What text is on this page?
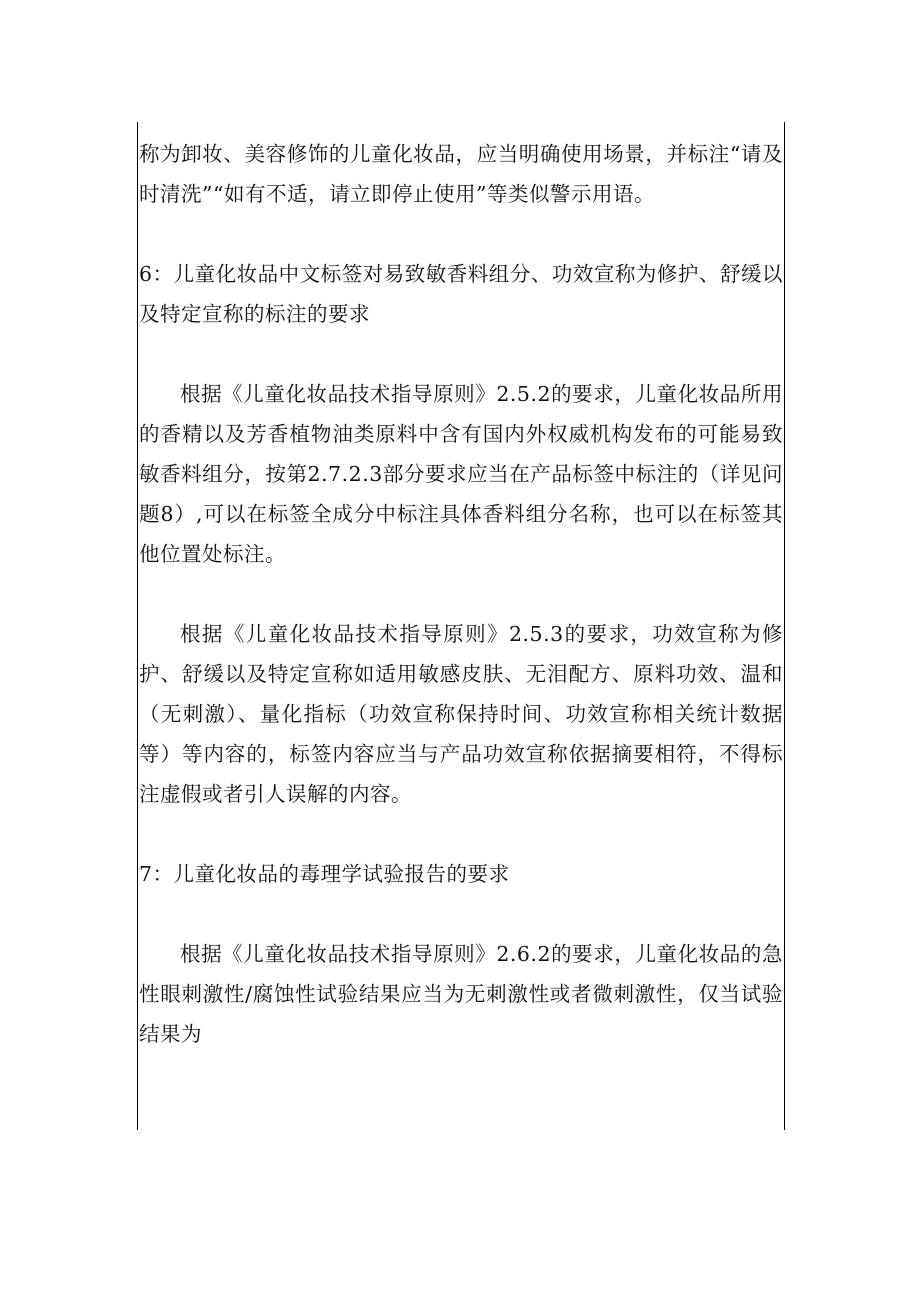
称为卸妆、美容修饰的儿童化妆品，应当明确使用场景，并标注“请及时清洗”“如有不适，请立即停止使用”等类似警示用语。

6：儿童化妆品中文标签对易致敏香料组分、功效宣称为修护、舒缓以及特定宣称的标注的要求

根据《儿童化妆品技术指导原则》2.5.2的要求，儿童化妆品所用的香精以及芳香植物油类原料中含有国内外权威机构发布的可能易致敏香料组分，按第2.7.2.3部分要求应当在产品标签中标注的（详见问题8）,可以在标签全成分中标注具体香料组分名称，也可以在标签其他位置处标注。

根据《儿童化妆品技术指导原则》2.5.3的要求，功效宣称为修护、舒缓以及特定宣称如适用敏感皮肤、无泪配方、原料功效、温和（无刺激）、量化指标（功效宣称保持时间、功效宣称相关统计数据等）等内容的，标签内容应当与产品功效宣称依据摘要相符，不得标注虚假或者引人误解的内容。

7：儿童化妆品的毒理学试验报告的要求

根据《儿童化妆品技术指导原则》2.6.2的要求，儿童化妆品的急性眼刺激性/腐蚀性试验结果应当为无刺激性或者微刺激性，仅当试验结果为
